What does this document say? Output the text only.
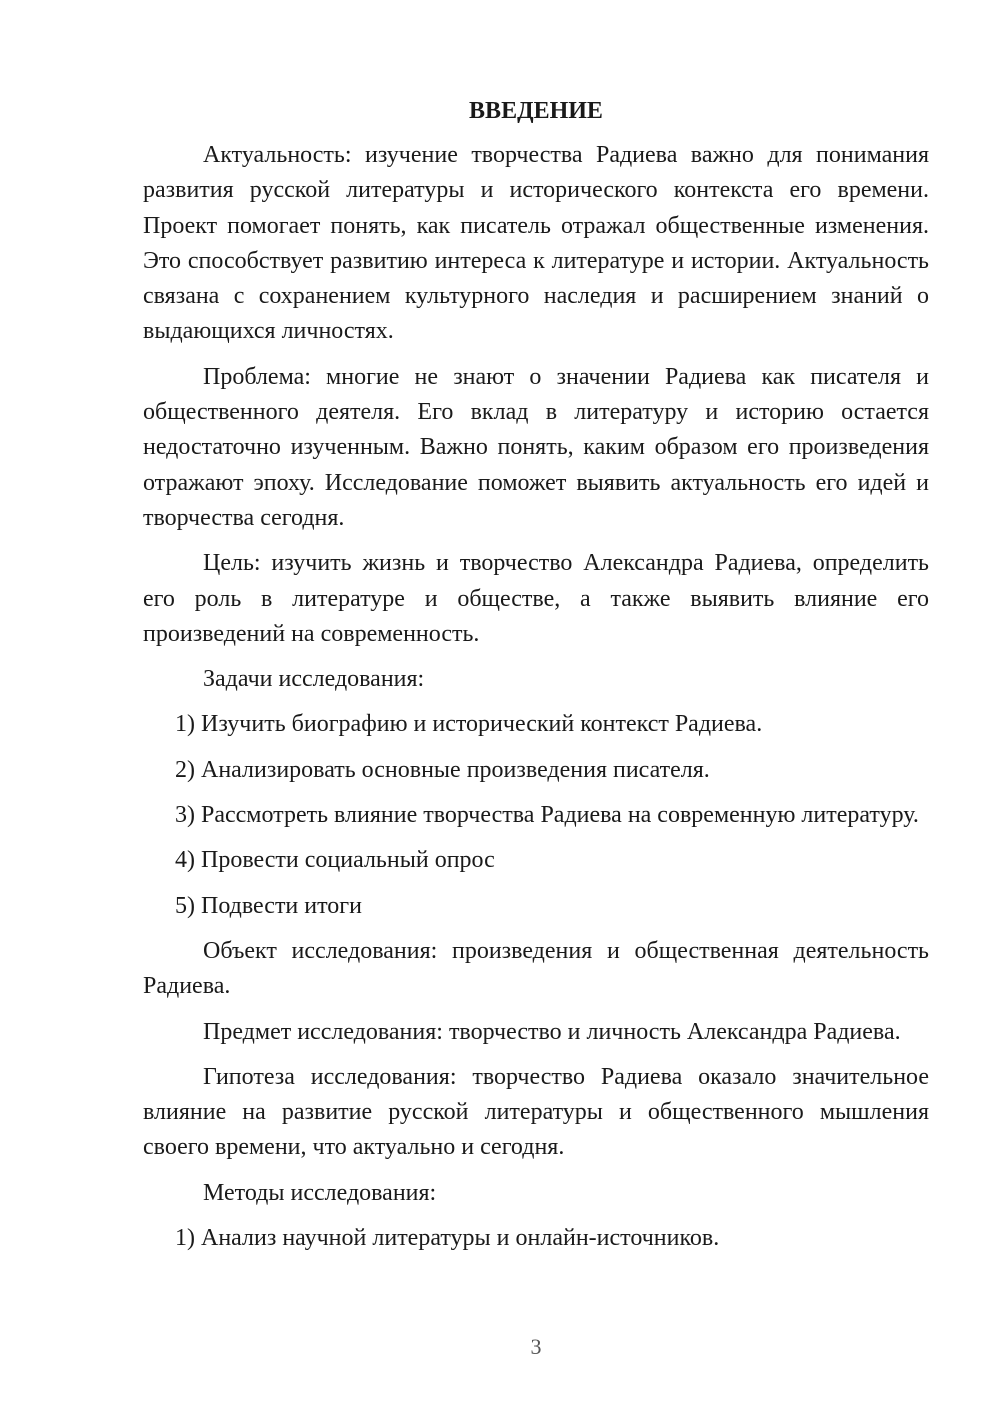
ВВЕДЕНИЕ

Актуальность: изучение творчества Радиева важно для понимания развития русской литературы и исторического контекста его времени. Проект помогает понять, как писатель отражал общественные изменения. Это способствует развитию интереса к литературе и истории. Актуальность связана с сохранением культурного наследия и расширением знаний о выдающихся личностях.

Проблема: многие не знают о значении Радиева как писателя и общественного деятеля. Его вклад в литературу и историю остается недостаточно изученным. Важно понять, каким образом его произведения отражают эпоху. Исследование поможет выявить актуальность его идей и творчества сегодня.

Цель: изучить жизнь и творчество Александра Радиева, определить его роль в литературе и обществе, а также выявить влияние его произведений на современность.

Задачи исследования:

1) Изучить биографию и исторический контекст Радиева.

2) Анализировать основные произведения писателя.

3) Рассмотреть влияние творчества Радиева на современную литературу.

4) Провести социальный опрос

5) Подвести итоги

Объект исследования: произведения и общественная деятельность Радиева.

Предмет исследования: творчество и личность Александра Радиева.

Гипотеза исследования: творчество Радиева оказало значительное влияние на развитие русской литературы и общественного мышления своего времени, что актуально и сегодня.

Методы исследования:

1) Анализ научной литературы и онлайн-источников.

3
